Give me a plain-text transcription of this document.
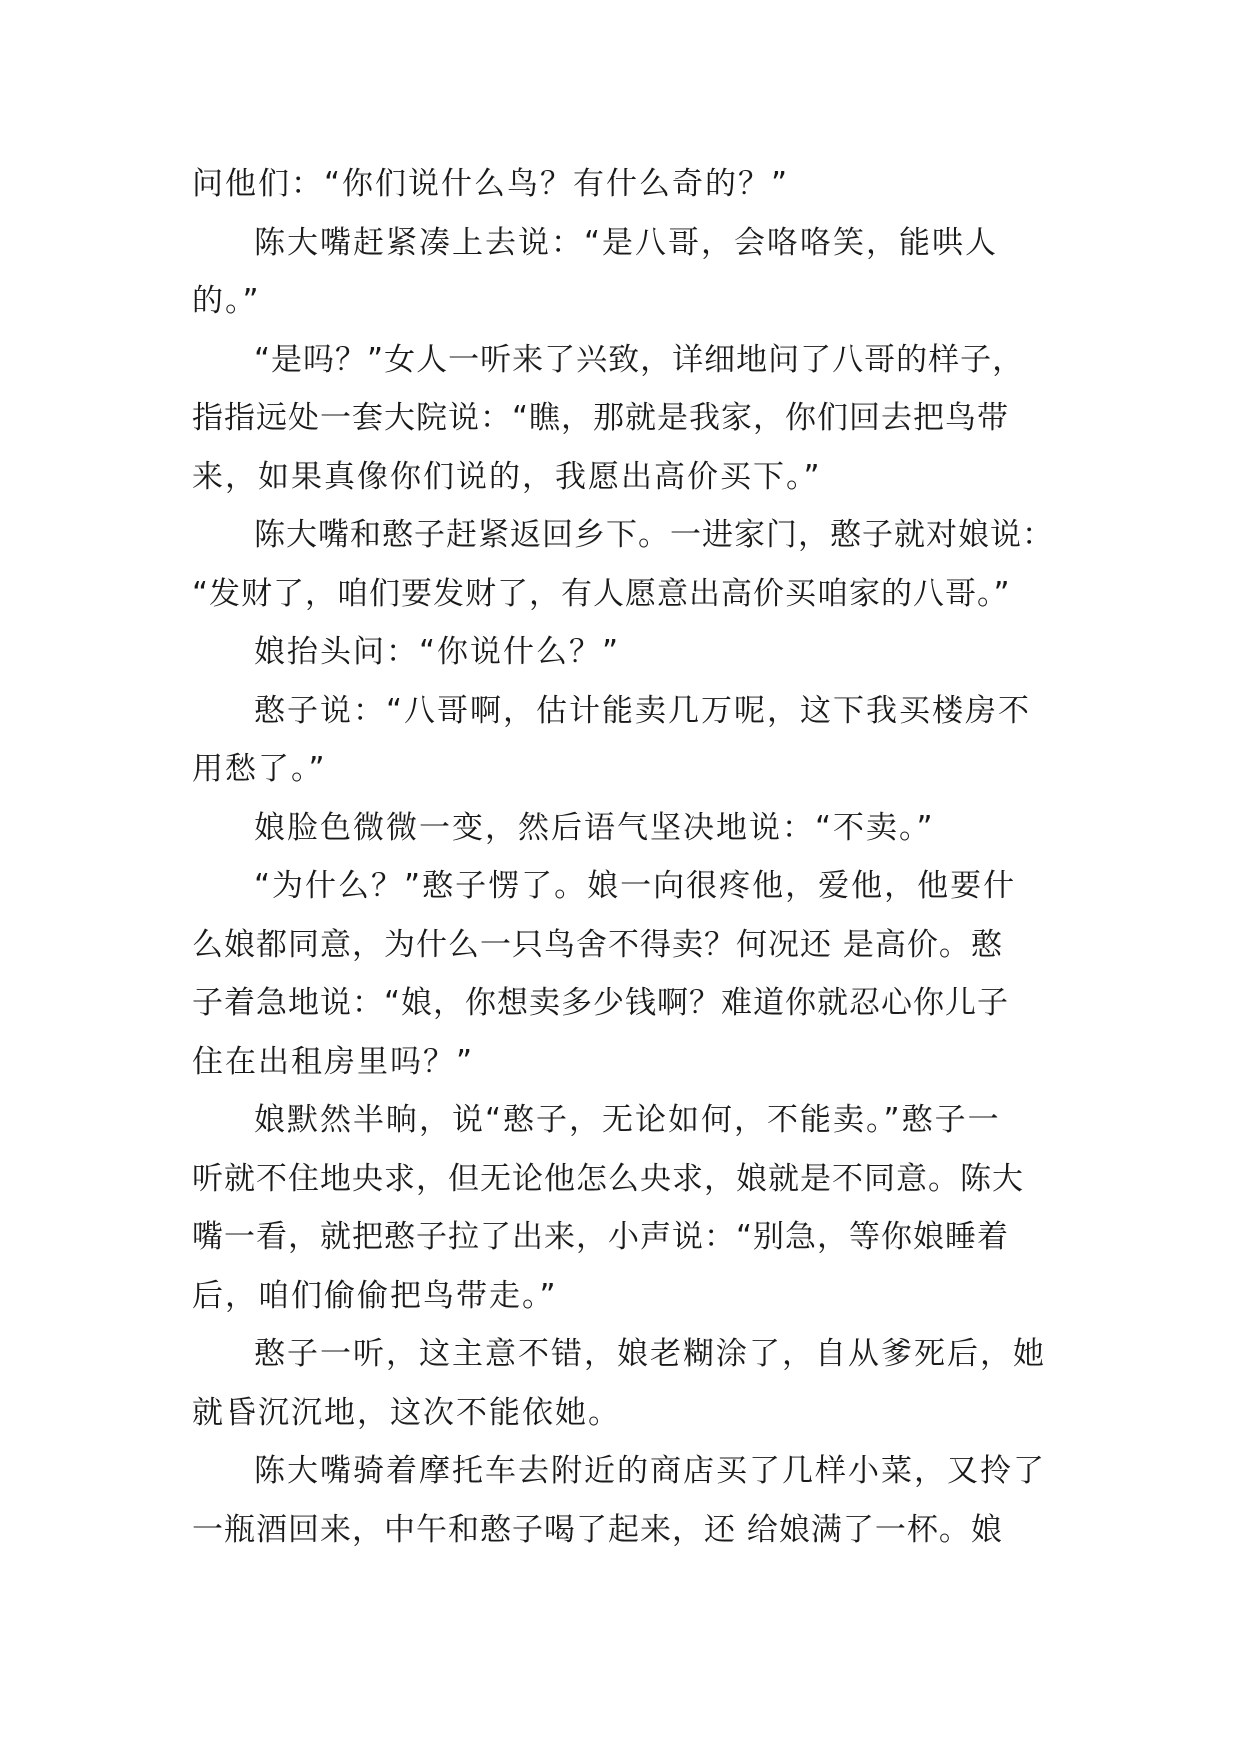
问他们：“你们说什么鸟？有什么奇的？”
陈大嘴赶紧凑上去说：“是八哥，会咯咯笑，能哄人
的。”
“是吗？”女人一听来了兴致，详细地问了八哥的样子，
指指远处一套大院说：“瞧，那就是我家，你们回去把鸟带
来，如果真像你们说的，我愿出高价买下。”
陈大嘴和憨子赶紧返回乡下。一进家门，憨子就对娘说：
“发财了，咱们要发财了，有人愿意出高价买咱家的八哥。”
娘抬头问：“你说什么？”
憨子说：“八哥啊，估计能卖几万呢，这下我买楼房不
用愁了。”
娘脸色微微一变，然后语气坚决地说：“不卖。”
“为什么？”憨子愣了。娘一向很疼他，爱他，他要什
么娘都同意，为什么一只鸟舍不得卖？何况还 是高价。憨
子着急地说：“娘，你想卖多少钱啊？难道你就忍心你儿子
住在出租房里吗？”
娘默然半晌，说“憨子，无论如何，不能卖。”憨子一
听就不住地央求，但无论他怎么央求，娘就是不同意。陈大
嘴一看，就把憨子拉了出来，小声说：“别急，等你娘睡着
后，咱们偷偷把鸟带走。”
憨子一听，这主意不错，娘老糊涂了，自从爹死后，她
就昏沉沉地，这次不能依她。
陈大嘴骑着摩托车去附近的商店买了几样小菜，又拎了
一瓶酒回来，中午和憨子喝了起来，还 给娘满了一杯。娘
